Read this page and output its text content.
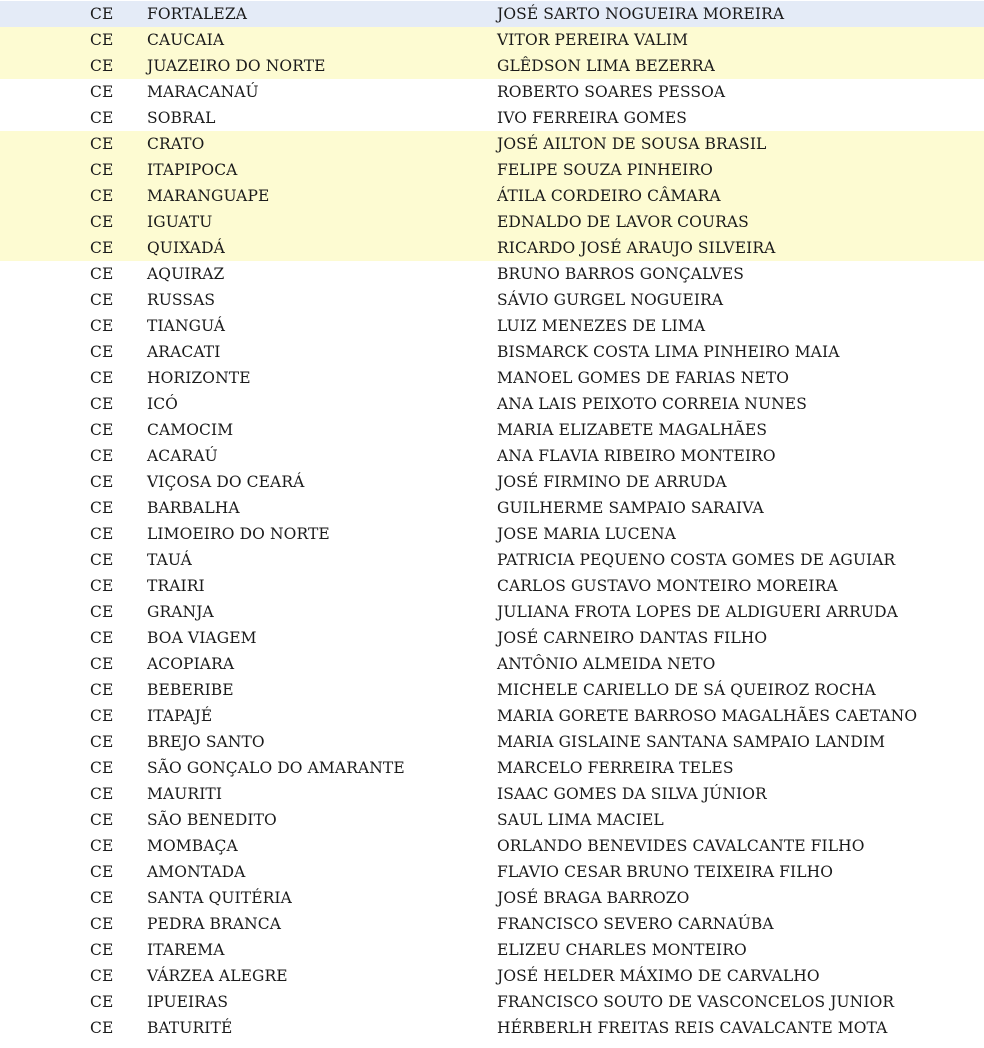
CE FORTALEZA	JOSÉ SARTO NOGUEIRA MOREIRA
CE CAUCAIA	VITOR PEREIRA VALIM
CE JUAZEIRO DO NORTE	GLÊDSON LIMA BEZERRA
CE MARACANAÚ	ROBERTO SOARES PESSOA
CE SOBRAL	IVO FERREIRA GOMES
CE CRATO	JOSÉ AILTON DE SOUSA BRASIL
CE ITAPIPOCA	FELIPE SOUZA PINHEIRO
CE MARANGUAPE	ÁTILA CORDEIRO CÂMARA
CE IGUATU	EDNALDO DE LAVOR COURAS
CE QUIXADÁ	RICARDO JOSÉ ARAUJO SILVEIRA
CE AQUIRAZ	BRUNO BARROS GONÇALVES
CE RUSSAS	SÁVIO GURGEL NOGUEIRA
CE TIANGUÁ	LUIZ MENEZES DE LIMA
CE ARACATI	BISMARCK COSTA LIMA PINHEIRO MAIA
CE HORIZONTE	MANOEL GOMES DE FARIAS NETO
CE ICÓ	ANA LAIS PEIXOTO CORREIA NUNES
CE CAMOCIM	MARIA ELIZABETE MAGALHÃES
CE ACARAÚ	ANA FLAVIA RIBEIRO MONTEIRO
CE VIÇOSA DO CEARÁ	JOSÉ FIRMINO DE ARRUDA
CE BARBALHA	GUILHERME SAMPAIO SARAIVA
CE LIMOEIRO DO NORTE	JOSE MARIA LUCENA
CE TAUÁ	PATRICIA PEQUENO COSTA GOMES DE AGUIAR
CE TRAIRI	CARLOS GUSTAVO MONTEIRO MOREIRA
CE GRANJA	JULIANA FROTA LOPES DE ALDIGUERI ARRUDA
CE BOA VIAGEM	JOSÉ CARNEIRO DANTAS FILHO
CE ACOPIARA	ANTÔNIO ALMEIDA NETO
CE BEBERIBE	MICHELE CARIELLO DE SÁ QUEIROZ ROCHA
CE ITAPAJÉ	MARIA GORETE BARROSO MAGALHÃES CAETANO
CE BREJO SANTO	MARIA GISLAINE SANTANA SAMPAIO LANDIM
CE SÃO GONÇALO DO AMARANTE	MARCELO FERREIRA TELES
CE MAURITI	ISAAC GOMES DA SILVA JÚNIOR
CE SÃO BENEDITO	SAUL LIMA MACIEL
CE MOMBAÇA	ORLANDO BENEVIDES CAVALCANTE FILHO
CE AMONTADA	FLAVIO CESAR BRUNO TEIXEIRA FILHO
CE SANTA QUITÉRIA	JOSÉ BRAGA BARROZO
CE PEDRA BRANCA	FRANCISCO SEVERO CARNAÚBA
CE ITAREMA	ELIZEU CHARLES MONTEIRO
CE VÁRZEA ALEGRE	JOSÉ HELDER MÁXIMO DE CARVALHO
CE IPUEIRAS	FRANCISCO SOUTO DE VASCONCELOS JUNIOR
CE BATURITÉ	HÉRBERLH FREITAS REIS CAVALCANTE MOTA
